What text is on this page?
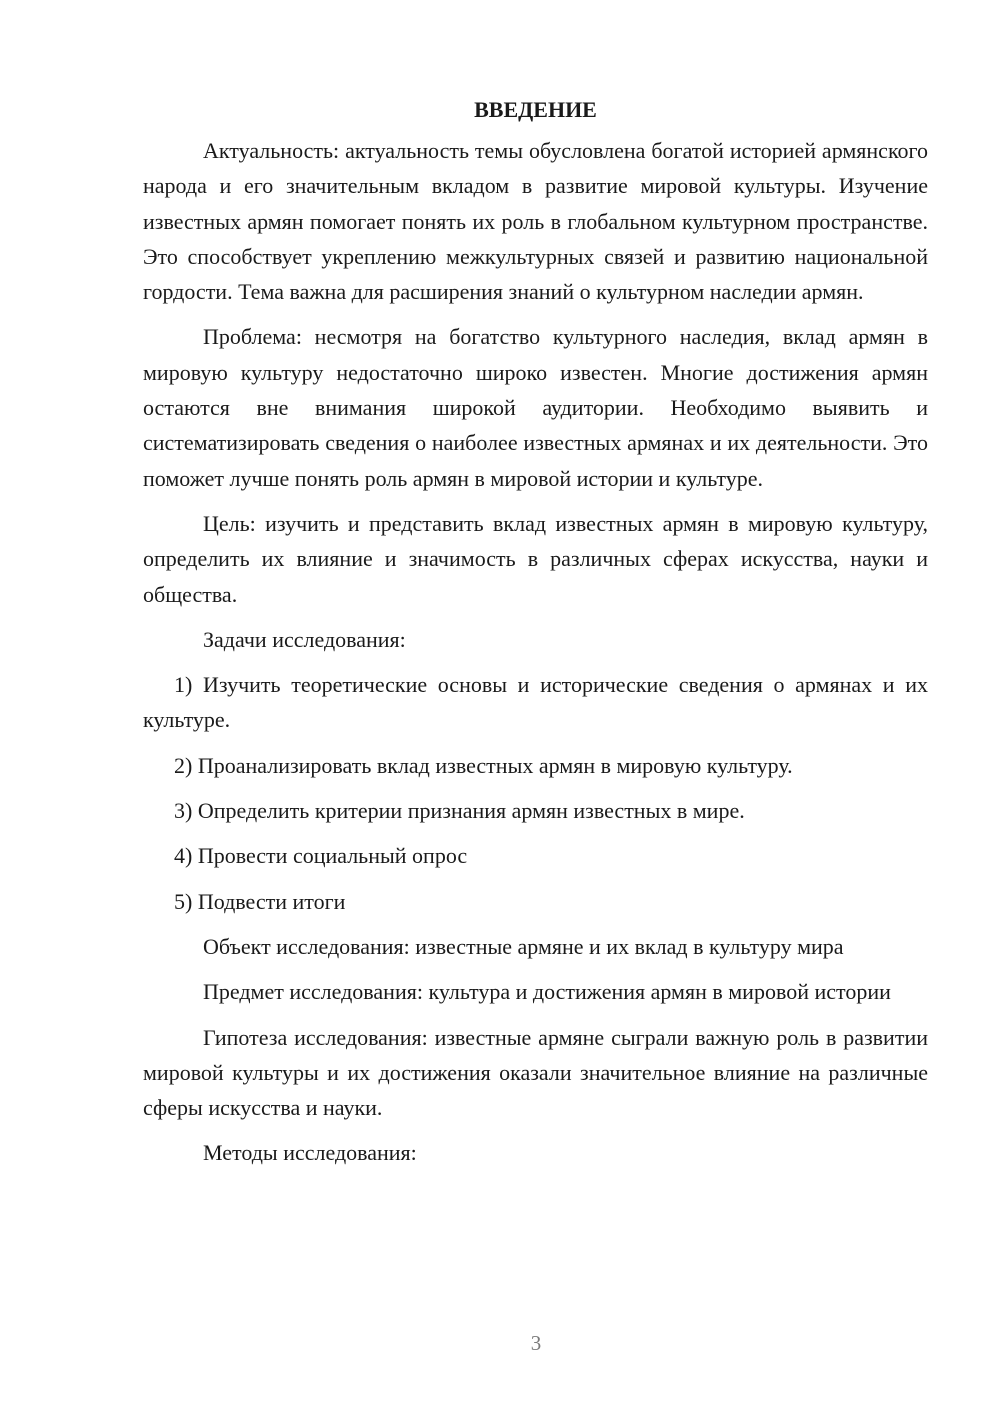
ВВЕДЕНИЕ

Актуальность: актуальность темы обусловлена богатой историей армянского народа и его значительным вкладом в развитие мировой культуры. Изучение известных армян помогает понять их роль в глобальном культурном пространстве. Это способствует укреплению межкультурных связей и развитию национальной гордости. Тема важна для расширения знаний о культурном наследии армян.

Проблема: несмотря на богатство культурного наследия, вклад армян в мировую культуру недостаточно широко известен. Многие достижения армян остаются вне внимания широкой аудитории. Необходимо выявить и систематизировать сведения о наиболее известных армянах и их деятельности. Это поможет лучше понять роль армян в мировой истории и культуре.

Цель: изучить и представить вклад известных армян в мировую культуру, определить их влияние и значимость в различных сферах искусства, науки и общества.

Задачи исследования:

1) Изучить теоретические основы и исторические сведения о армянах и их культуре.

2) Проанализировать вклад известных армян в мировую культуру.

3) Определить критерии признания армян известных в мире.

4) Провести социальный опрос

5) Подвести итоги

Объект исследования: известные армяне и их вклад в культуру мира

Предмет исследования: культура и достижения армян в мировой истории

Гипотеза исследования: известные армяне сыграли важную роль в развитии мировой культуры и их достижения оказали значительное влияние на различные сферы искусства и науки.

Методы исследования:

3
